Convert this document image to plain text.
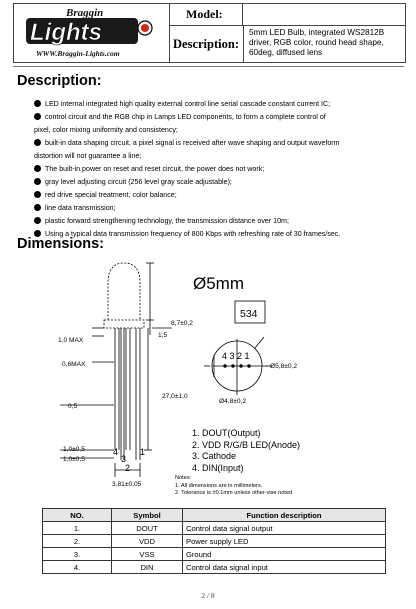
Braggin
Lights
WWW.Braggin-Lights.com
Model:
Description:
5mm LED Bulb, integrated WS2812B driver, RGB color, round head shape, 60deg, diffused lens
Description:
LED internal integrated high quality external control line serial cascade constant current IC;
control circuit and the RGB chip in Lamps LED components, to form a complete control of
pixel, color mixing uniformity and consistency;
built-in data shaping circuit, a pixel signal is received after wave shaping and output waveform
distortion will not guarantee a line;
The built-in power on reset and reset circuit, the power does not work;
gray level adjusting circuit (256 level gray scale adjustable);
red drive special treatment, color balance;
line data transmission;
plastic forward strengthening technology, the transmission distance over 10m;
Using a typical data transmission frequency of 800 Kbps with refreshing rate of 30 frames/sec.
Dimensions:
Ø5mm
534
8,7±0,2
1,5
1,0 MAX
0,6MAX
27,0±1,0
0,5
1,0±0,5
1,0±0,5
3,81±0,05
Ø5,8±0,2
Ø4,8±0,2
4 3 2 1
4 1
3
2
1. DOUT(Output)
2. VDD R/G/B LED(Anode)
3. Cathode
4. DIN(Input)
Notes:
1. All dimensions are in millimeters.
2. Tolerance is ±0.1mm unless other-vise noted
NO.	Symbol	Function description
1.	DOUT	Control data signal output
2.	VDD	Power supply LED
3.	VSS	Ground
4.	DIN	Control data signal input
2 / 8
